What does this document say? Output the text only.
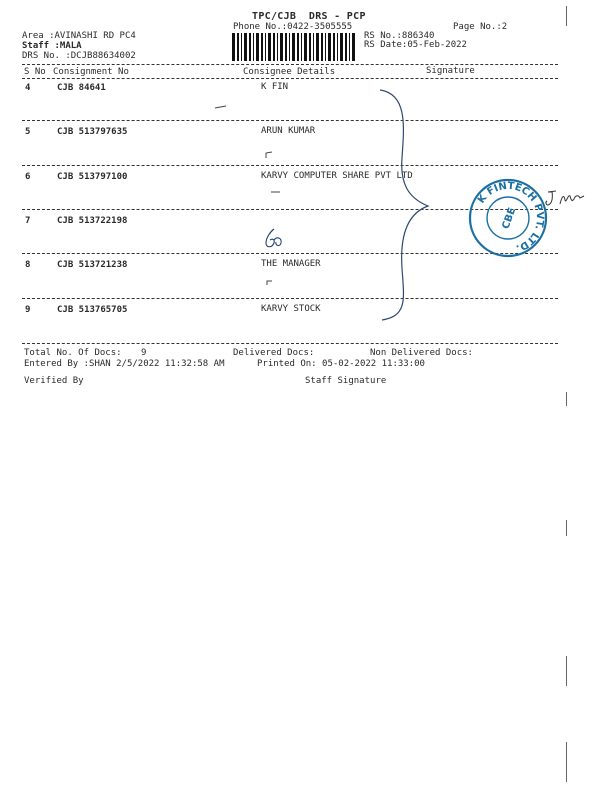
TPC/CJB  DRS - PCP
Phone No.:0422-3505555	Page No.:2
Area :AVINASHI RD PC4
Staff :MALA
DRS No. :DCJB88634002
RS No.:886340
RS Date:05-Feb-2022
S No Consignment No	Consignee Details	Signature
4	CJB 84641	K FIN
5	CJB 513797635	ARUN KUMAR
6	CJB 513797100	KARVY COMPUTER SHARE PVT LTD
7	CJB 513722198
8	CJB 513721238	THE MANAGER
9	CJB 513765705	KARVY STOCK
Total No. Of Docs: 9	Delivered Docs:	Non Delivered Docs:
Entered By :SHAN 2/5/2022 11:32:58 AM	Printed On: 05-02-2022 11:33:00
Verified By	Staff Signature
K FINTECH PVT. LTD.
CBE
